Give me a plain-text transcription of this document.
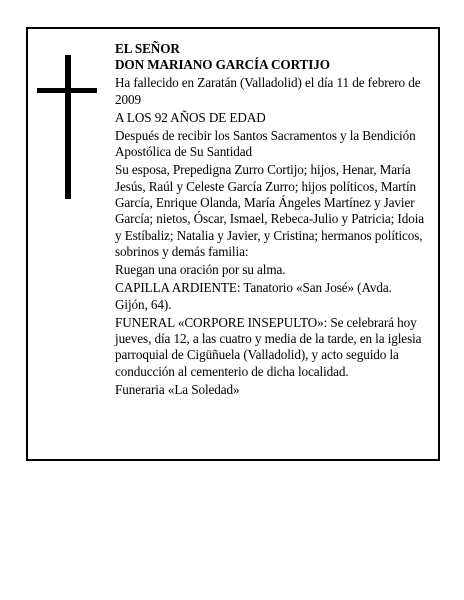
EL SEÑOR

DON MARIANO GARCÍA CORTIJO

Ha fallecido en Zaratán (Valladolid) el día 11 de febrero de 2009

A LOS 92 AÑOS DE EDAD

Después de recibir los Santos Sacramentos y la Bendición Apostólica de Su Santidad

Su esposa, Prepedigna Zurro Cortijo; hijos, Henar, María Jesús, Raúl y Celeste García Zurro; hijos políticos, Martín García, Enrique Olanda, María Ángeles Martínez y Javier García; nietos, Óscar, Ismael, Rebeca-Julio y Patricia; Idoia y Estíbaliz; Natalia y Javier, y Cristina; hermanos políticos, sobrinos y demás familia:

Ruegan una oración por su alma.

CAPILLA ARDIENTE: Tanatorio «San José» (Avda. Gijón, 64).

FUNERAL «CORPORE INSEPULTO»: Se celebrará hoy jueves, día 12, a las cuatro y media de la tarde, en la iglesia parroquial de Cigüñuela (Valladolid), y acto seguido la conducción al cementerio de dicha localidad.

Funeraria «La Soledad»
